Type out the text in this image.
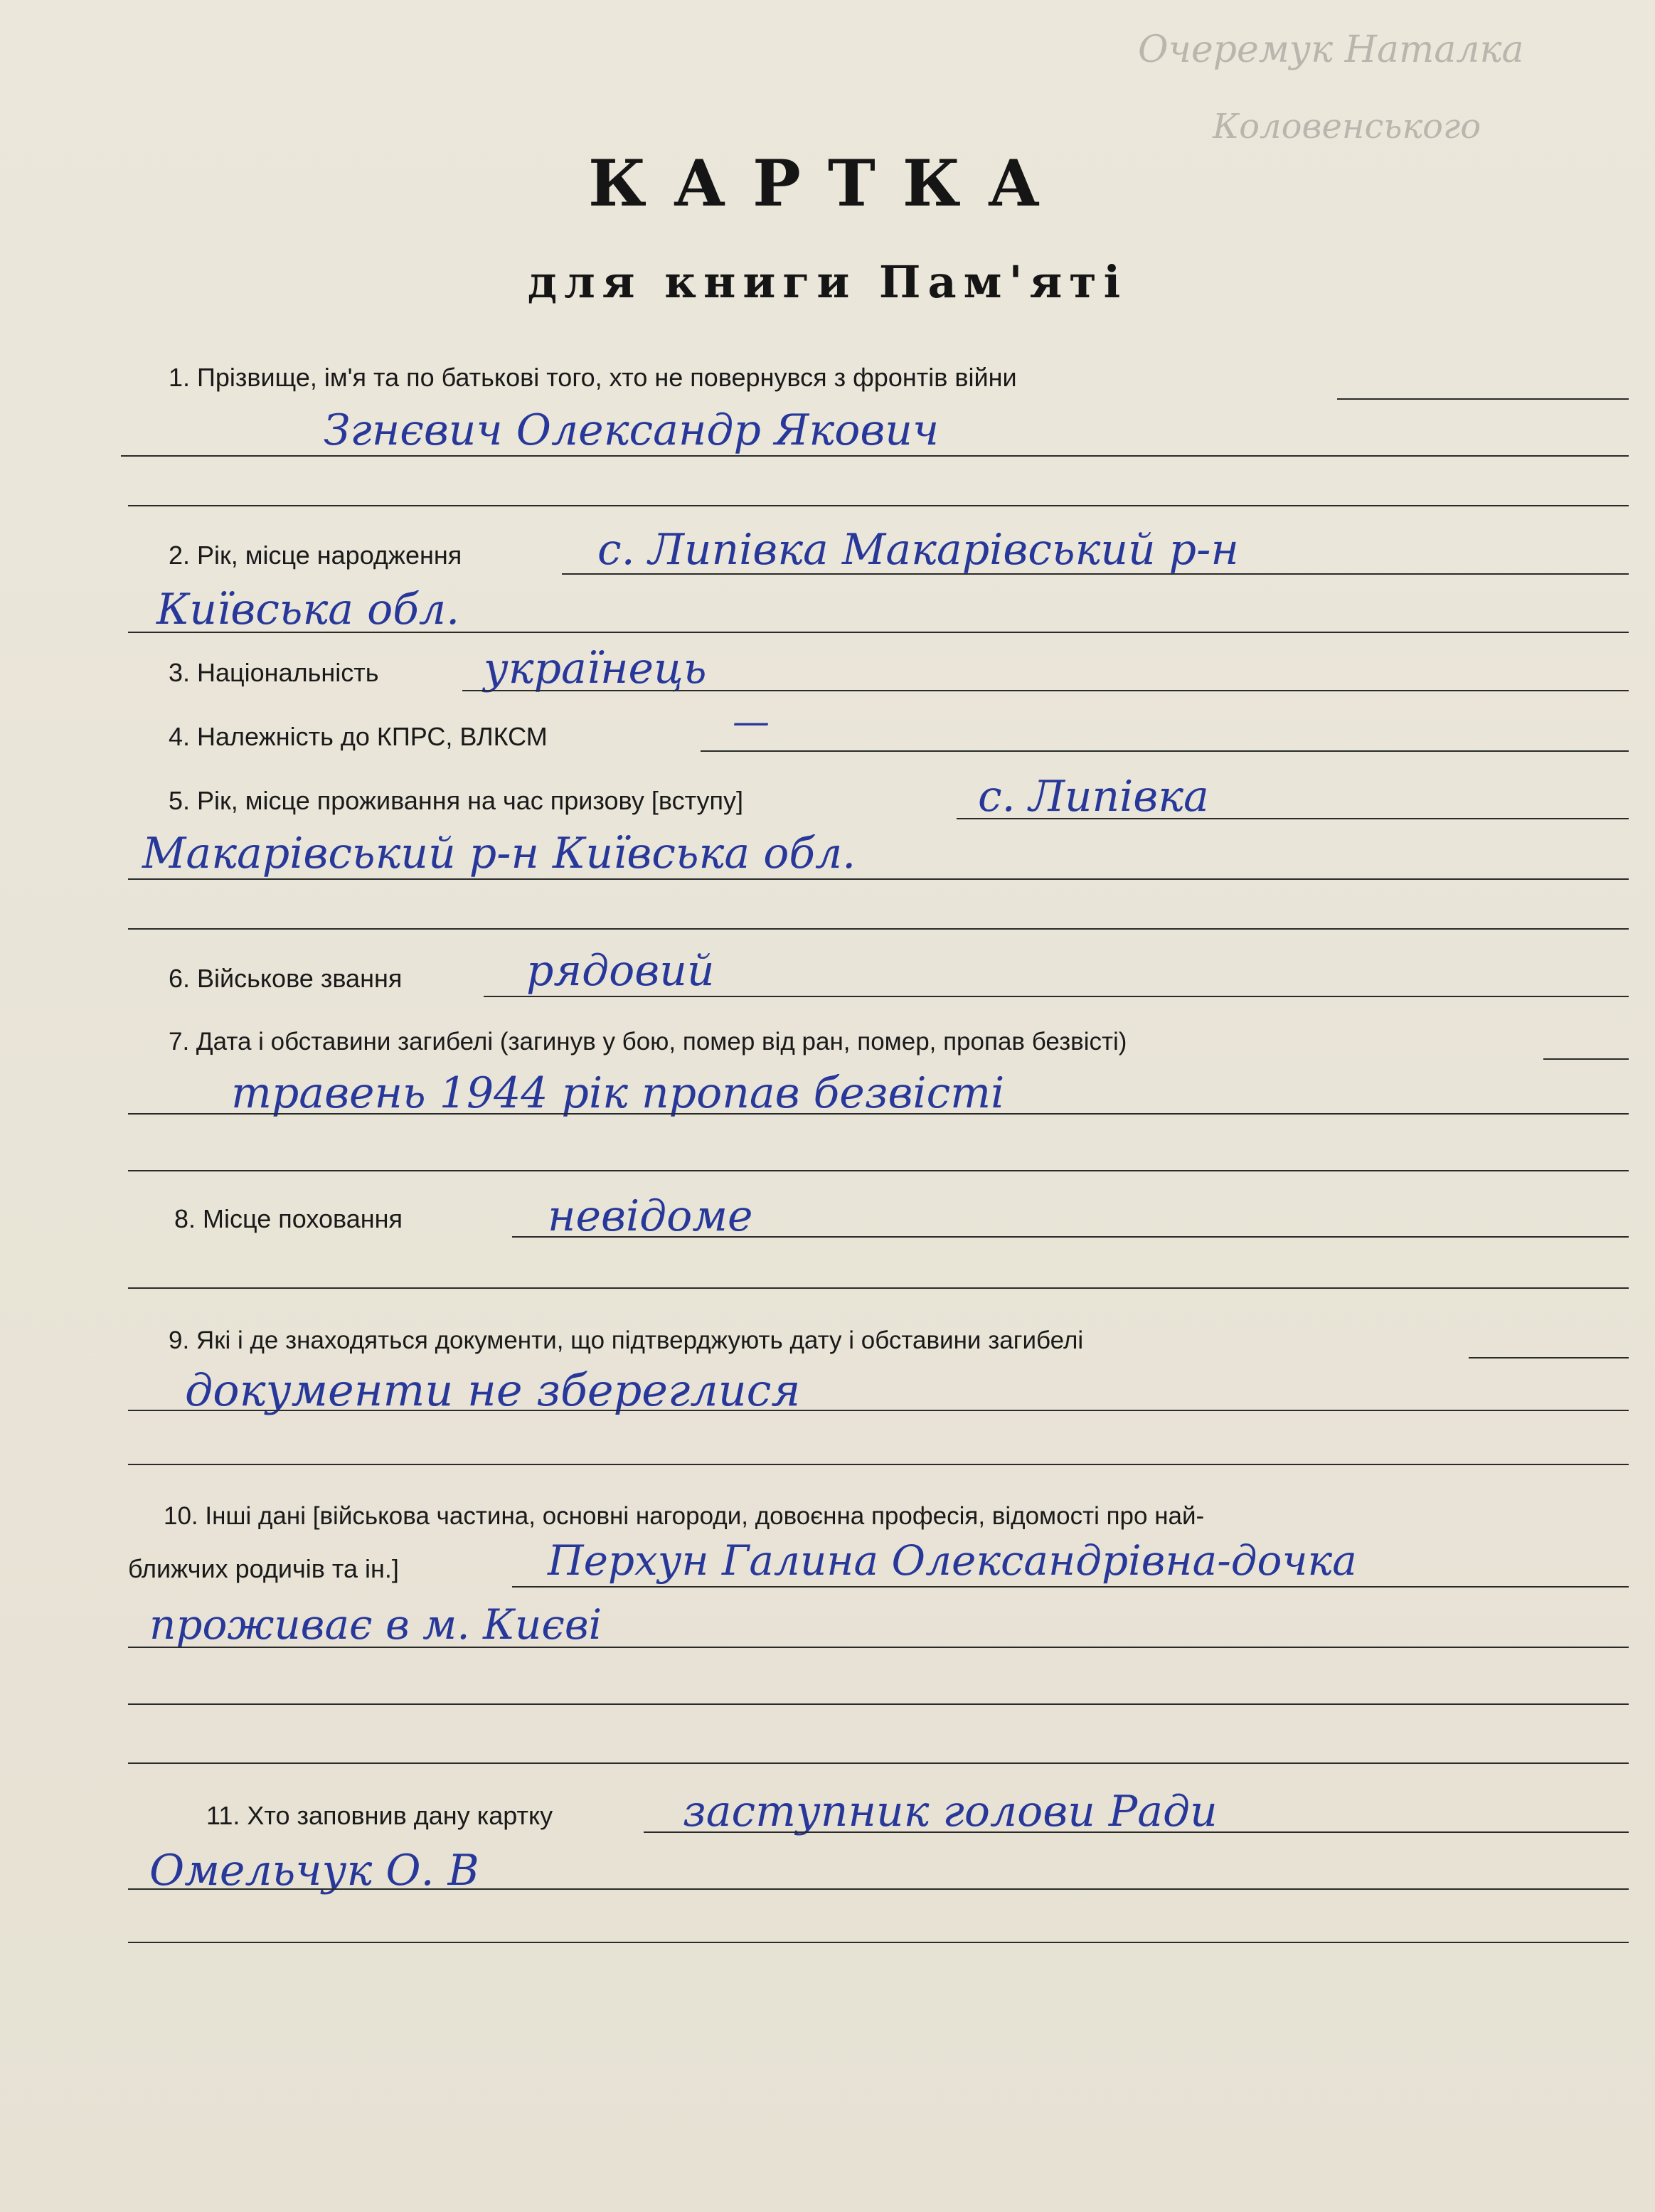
Очеремук Наталка
Коловенського
КАРТКА
для книги Пам'яті
1. Прізвище, ім'я та по батькові того, хто не повернувся з фронтів війни
Згнєвич Олександр Якович
2. Рік, місце народження	с. Липівка Макарівський р-н
Київська обл.
3. Національність українець
4. Належність до КПРС, ВЛКСМ	—
5. Рік, місце проживання на час призову [вступу]	с. Липівка
Макарівський р-н Київська обл.
6. Військове звання	рядовий
7. Дата і обставини загибелі (загинув у бою, помер від ран, помер, пропав безвісті)
травень 1944 рік пропав безвісті
8. Місце поховання	невідоме
9. Які і де знаходяться документи, що підтверджують дату і обставини загибелі
документи не збереглися
10. Інші дані [військова частина, основні нагороди, довоєнна професія, відомості про най-
ближчих родичів та ін.]	Перхун Галина Олександрівна-дочка
проживає в м. Києві
11. Хто заповнив дану картку	заступник голови Ради
Омельчук О. В
